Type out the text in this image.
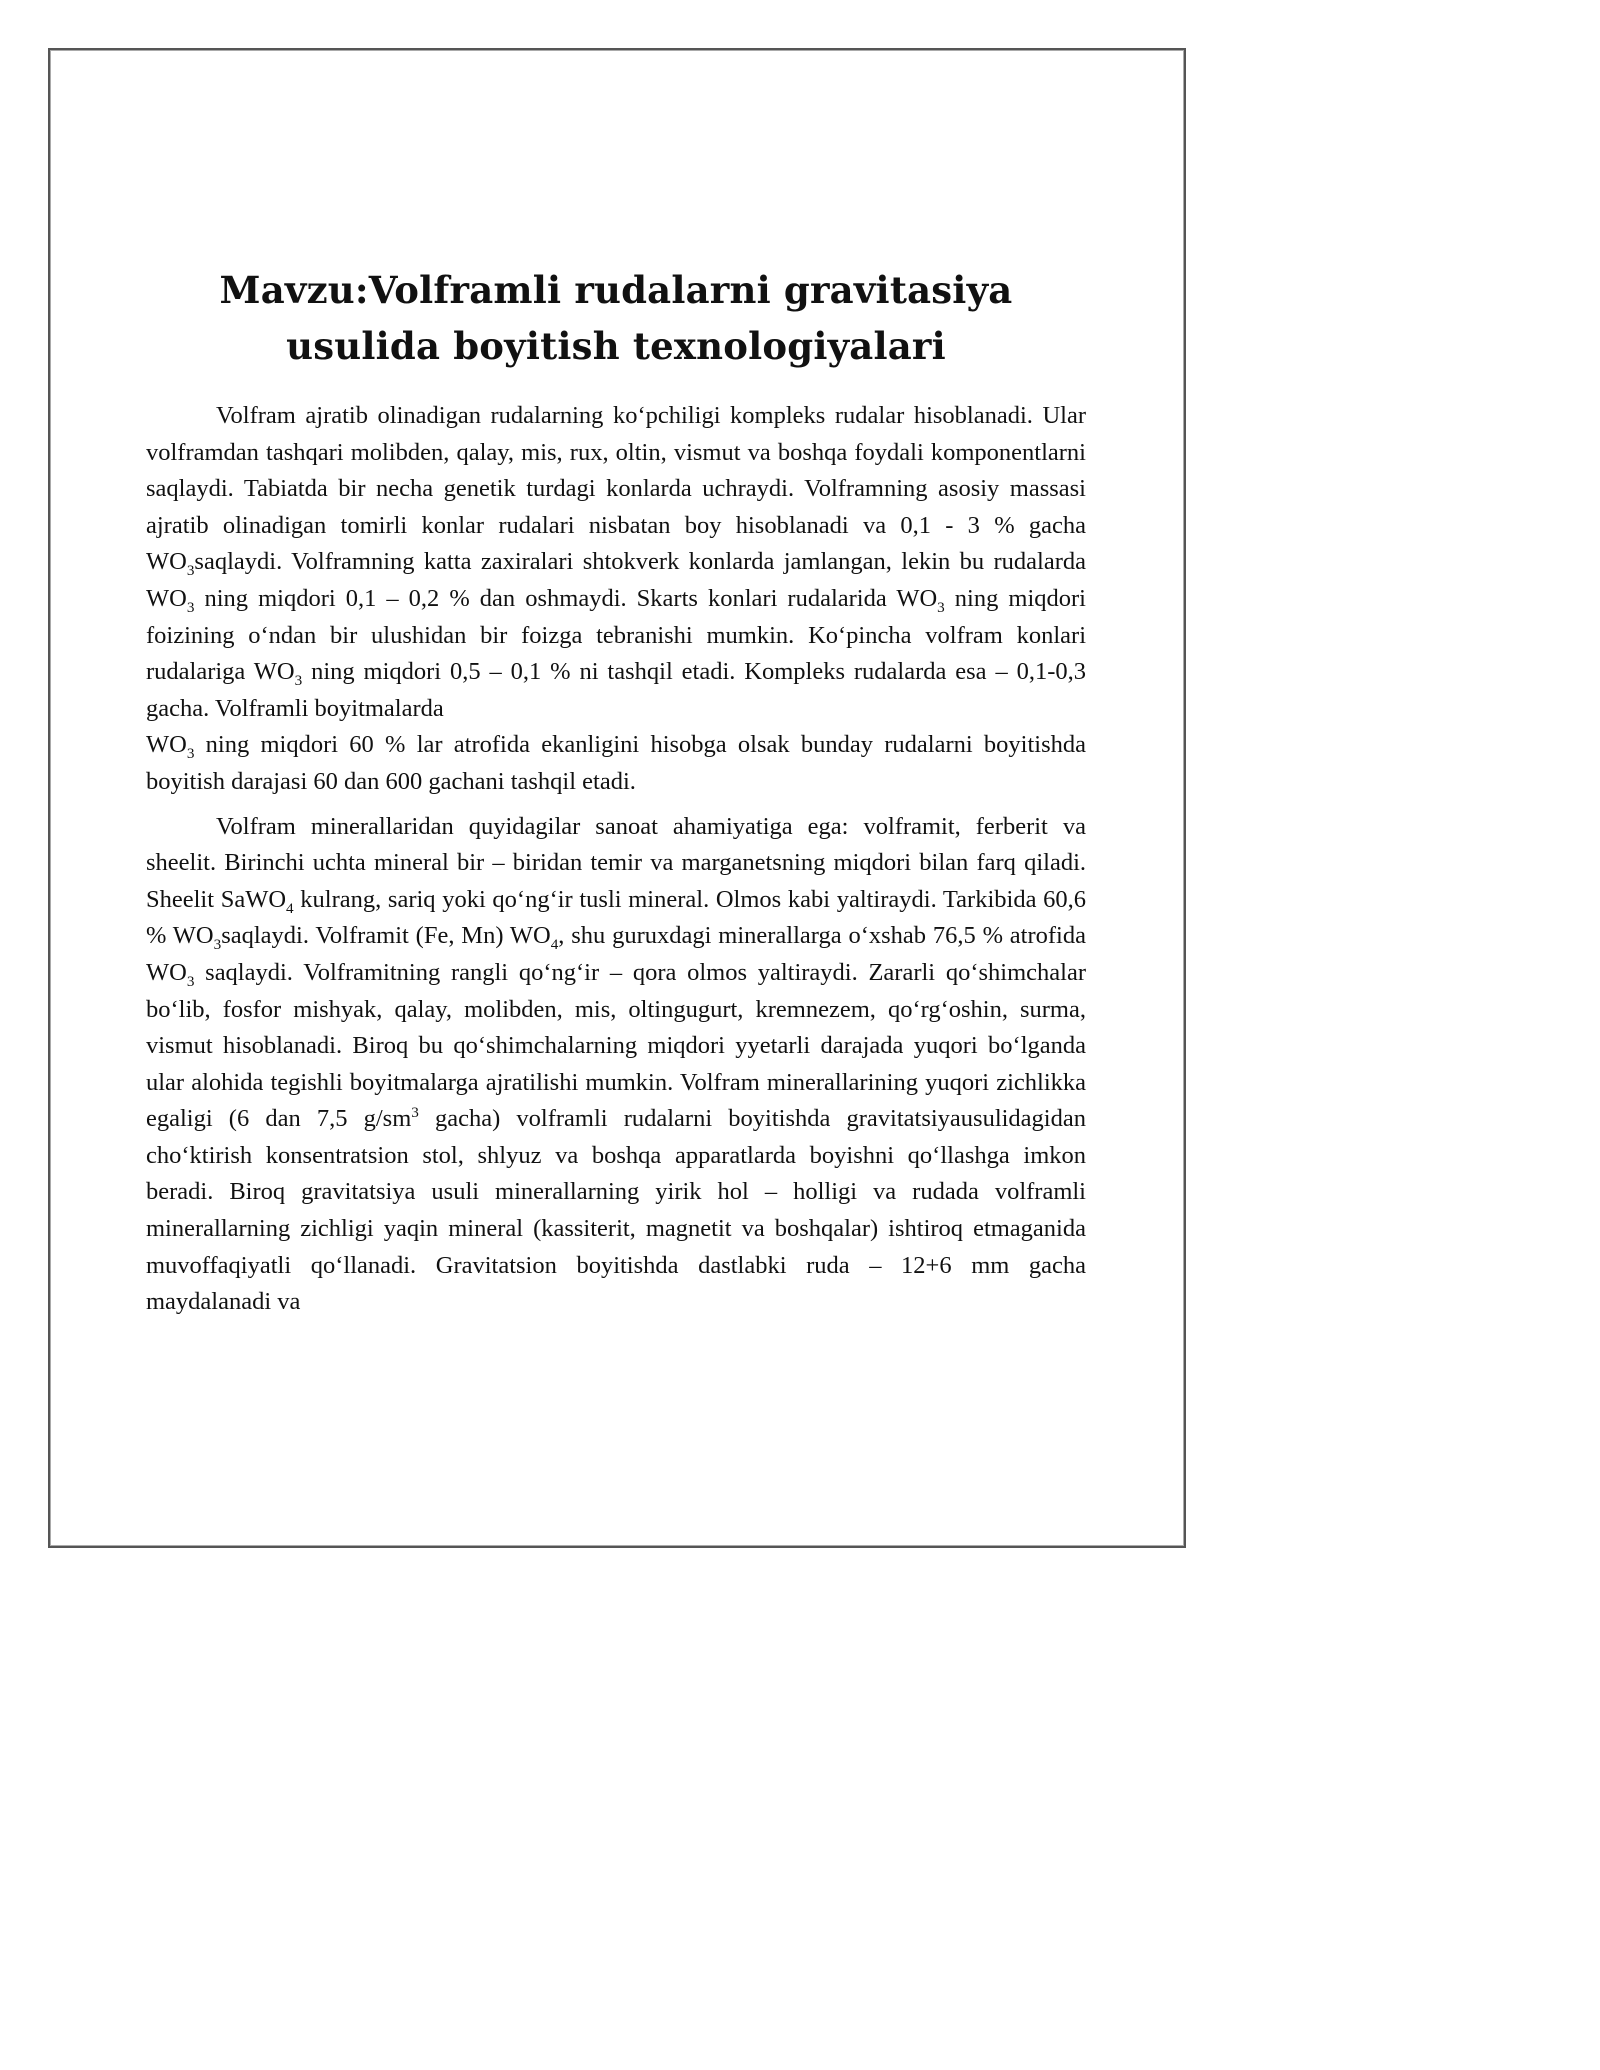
Mavzu:Volframli rudalarni gravitasiya
usulida boyitish texnologiyalari

Volfram ajratib olinadigan rudalarning ko‘pchiligi kompleks rudalar hisoblanadi. Ular volframdan tashqari molibden, qalay, mis, rux, oltin, vismut va boshqa foydali komponentlarni saqlaydi. Tabiatda bir necha genetik turdagi konlarda uchraydi. Volframning asosiy massasi ajratib olinadigan tomirli konlar rudalari nisbatan boy hisoblanadi va 0,1 - 3 % gacha $WO_3saqlaydi$. Volframning katta zaxiralari shtokverk konlarda jamlangan, lekin bu rudalarda $WO_3$ ning miqdori 0,1 – 0,2 % dan oshmaydi. Skarts konlari rudalarida $WO_3$ ning miqdori foizining o‘ndan bir ulushidan bir foizga tebranishi mumkin. Ko‘pincha volfram konlari rudalariga $WO_3$ ning miqdori 0,5 – 0,1 % ni tashqil etadi. Kompleks rudalarda esa – 0,1-0,3 gacha. Volframli boyitmalarda

$WO_3$ ning miqdori 60 % lar atrofida ekanligini hisobga olsak bunday rudalarni boyitishda boyitish darajasi 60 dan 600 gachani tashqil etadi.

Volfram minerallaridan quyidagilar sanoat ahamiyatiga ega: volframit, ferberit va sheelit. Birinchi uchta mineral bir – biridan temir va marganetsning miqdori bilan farq qiladi. Sheelit SaWO$_4$ kulrang, sariq yoki qo‘ng‘ir tusli mineral. Olmos kabi yaltiraydi. Tarkibida 60,6 % $WO_3saqlaydi$. Volframit (Fe, Mn) $WO_4$, shu guruxdagi minerallarga o‘xshab 76,5 % atrofida $WO_3$ saqlaydi. Volframitning rangli qo‘ng‘ir – qora olmos yaltiraydi. Zararli qo‘shimchalar bo‘lib, fosfor mishyak, qalay, molibden, mis, oltingugurt, kremnezem, qo‘rg‘oshin, surma, vismut hisoblanadi. Biroq bu qo‘shimchalarning miqdori yyetarli darajada yuqori bo‘lganda ular alohida tegishli boyitmalarga ajratilishi mumkin. Volfram minerallarining yuqori zichlikka egaligi (6 dan 7,5 $g/sm^3$ gacha) volframli rudalarni boyitishda gravitatsiyausulidagidan cho‘ktirish konsentratsion stol, shlyuz va boshqa apparatlarda boyishni qo‘llashga imkon beradi. Biroq gravitatsiya usuli minerallarning yirik hol – holligi va rudada volframli minerallarning zichligi yaqin mineral (kassiterit, magnetit va boshqalar) ishtiroq etmaganida muvoffaqiyatli qo‘llanadi. Gravitatsion boyitishda dastlabki ruda – 12+6 mm gacha maydalanadi va
